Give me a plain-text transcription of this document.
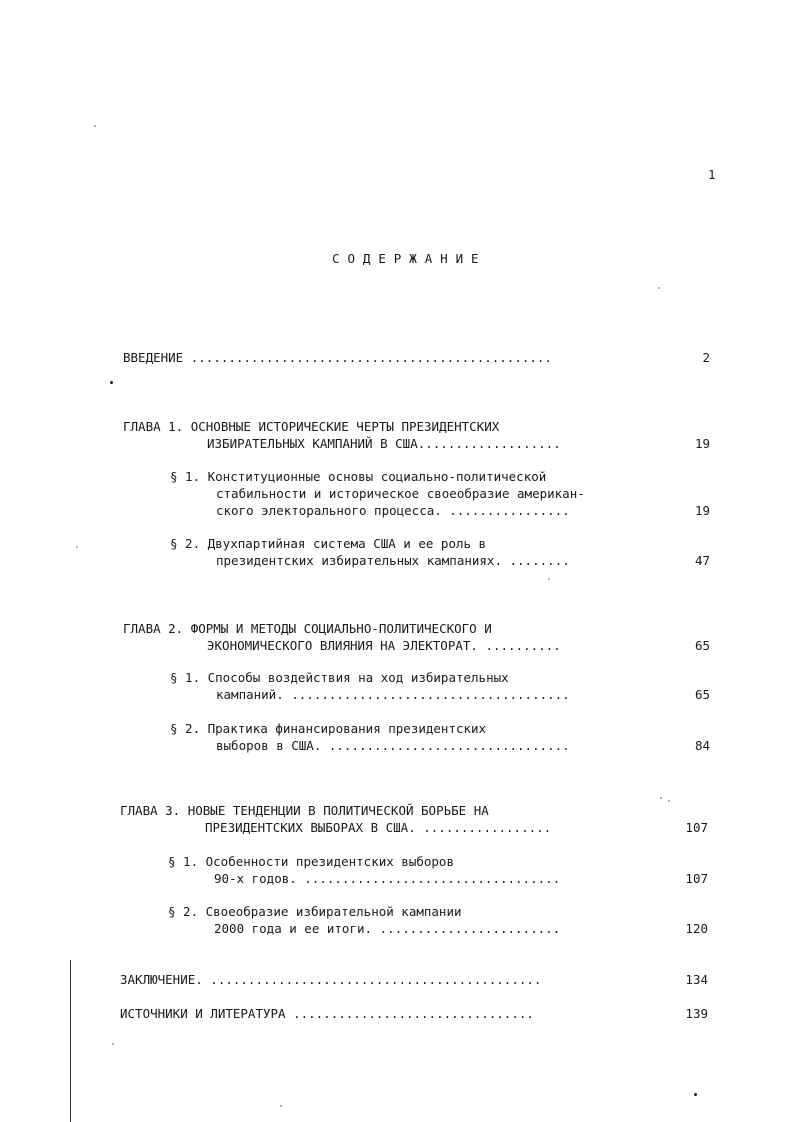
1
С О Д Е Р Ж А Н И Е
ВВЕДЕНИЕ ................................................	2
ГЛАВА 1. ОСНОВНЫЕ ИСТОРИЧЕСКИЕ ЧЕРТЫ ПРЕЗИДЕНТСКИХ
ИЗБИРАТЕЛЬНЫХ КАМПАНИЙ В США...................	19
§ 1. Конституционные основы социально-политической
стабильности и историческое своеобразие американ-
ского электорального процесса. ................	19
§ 2. Двухпартийная система США и ее роль в
президентских избирательных кампаниях. ........	47
ГЛАВА 2. ФОРМЫ И МЕТОДЫ СОЦИАЛЬНО-ПОЛИТИЧЕСКОГО И
ЭКОНОМИЧЕСКОГО ВЛИЯНИЯ НА ЭЛЕКТОРАТ. ..........	65
§ 1. Способы воздействия на ход избирательных
кампаний. .....................................	65
§ 2. Практика финансирования президентских
выборов в США. ................................	84
ГЛАВА 3. НОВЫЕ ТЕНДЕНЦИИ В ПОЛИТИЧЕСКОЙ БОРЬБЕ НА
ПРЕЗИДЕНТСКИХ ВЫБОРАХ В США. .................	107
§ 1. Особенности президентских выборов
90-х годов. ..................................	107
§ 2. Своеобразие избирательной кампании
2000 года и ее итоги. ........................	120
ЗАКЛЮЧЕНИЕ. ............................................	134
ИСТОЧНИКИ И ЛИТЕРАТУРА ................................	139
